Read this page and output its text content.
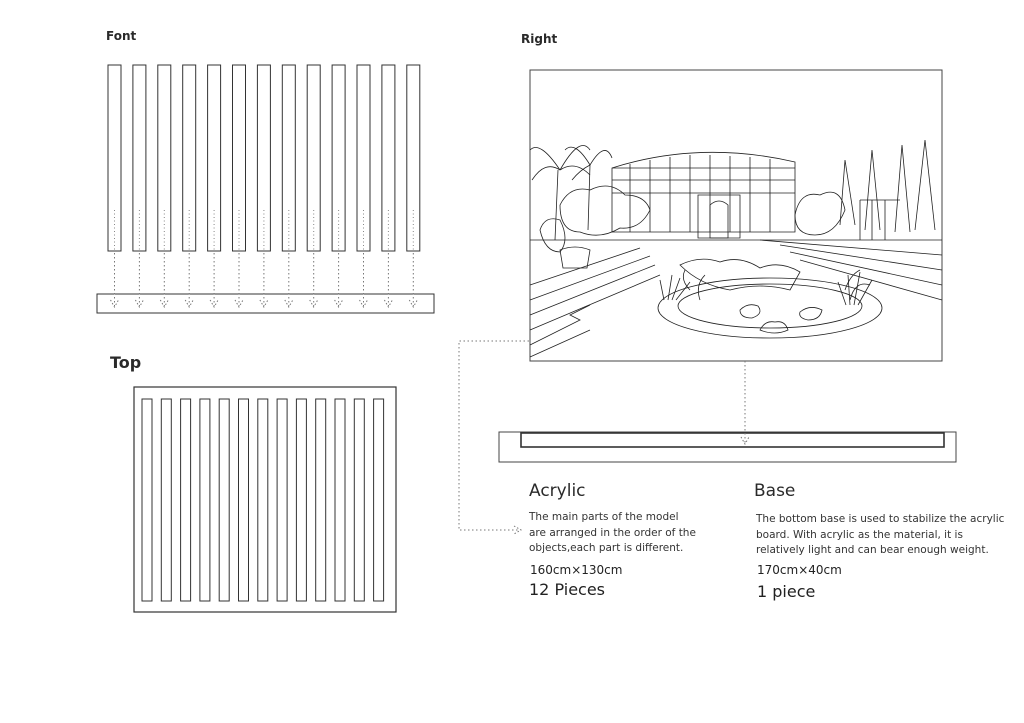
Font	Right
Top
Acrylic
The main parts of the model
are arranged in the order of the
objects,each part is different.
160cm×130cm
12 Pieces
Base
The bottom base is used to stabilize the acrylic
board. With acrylic as the material, it is
relatively light and can bear enough weight.
170cm×40cm
1 piece
